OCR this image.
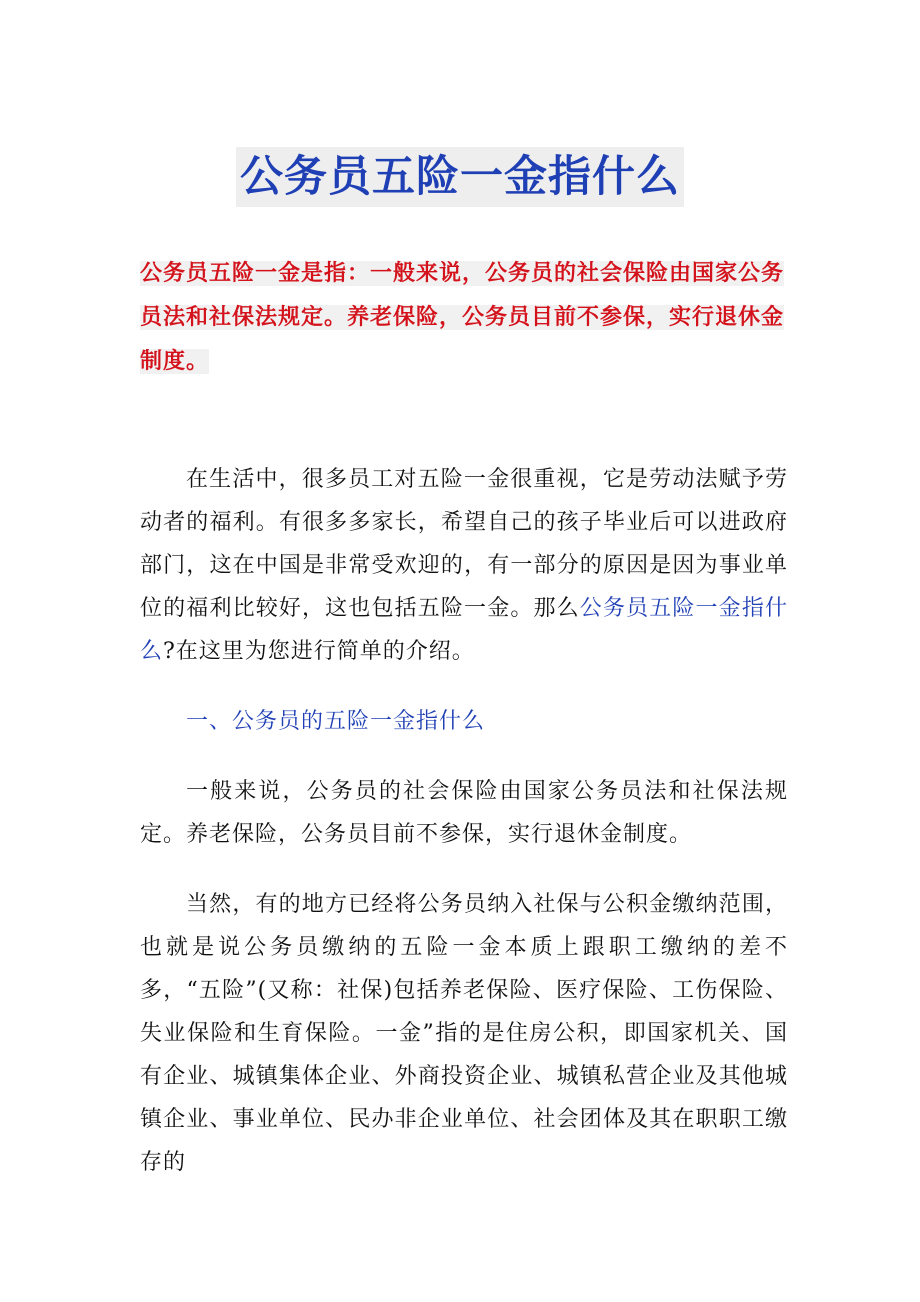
公务员五险一金指什么
公务员五险一金是指：一般来说，公务员的社会保险由国家公务员法和社保法规定。养老保险，公务员目前不参保，实行退休金制度。

在生活中，很多员工对五险一金很重视，它是劳动法赋予劳动者的福利。有很多多家长，希望自己的孩子毕业后可以进政府部门，这在中国是非常受欢迎的，有一部分的原因是因为事业单位的福利比较好，这也包括五险一金。那么公务员五险一金指什么?在这里为您进行简单的介绍。

一、公务员的五险一金指什么

一般来说，公务员的社会保险由国家公务员法和社保法规定。养老保险，公务员目前不参保，实行退休金制度。

当然，有的地方已经将公务员纳入社保与公积金缴纳范围，也就是说公务员缴纳的五险一金本质上跟职工缴纳的差不多，“五险”(又称：社保)包括养老保险、医疗保险、工伤保险、失业保险和生育保险。一金”指的是住房公积，即国家机关、国有企业、城镇集体企业、外商投资企业、城镇私营企业及其他城镇企业、事业单位、民办非企业单位、社会团体及其在职职工缴存的
